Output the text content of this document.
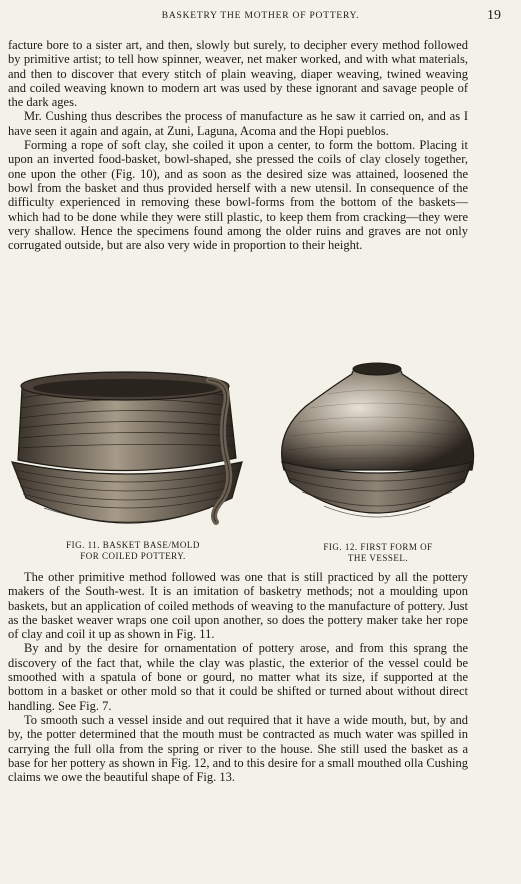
BASKETRY THE MOTHER OF POTTERY.	19

facture bore to a sister art, and then, slowly but surely, to decipher every method followed by primitive artist; to tell how spinner, weaver, net maker worked, and with what materials, and then to discover that every stitch of plain weaving, diaper weaving, twined weaving and coiled weaving known to modern art was used by these ignorant and savage people of the dark ages.

Mr. Cushing thus describes the process of manufacture as he saw it carried on, and as I have seen it again and again, at Zuni, Laguna, Acoma and the Hopi pueblos.

Forming a rope of soft clay, she coiled it upon a center, to form the bottom. Placing it upon an inverted food-basket, bowl-shaped, she pressed the coils of clay closely together, one upon the other (Fig. 10), and as soon as the desired size was attained, loosened the bowl from the basket and thus provided herself with a new utensil. In consequence of the difficulty experienced in removing these bowl-forms from the bottom of the baskets—which had to be done while they were still plastic, to keep them from cracking—they were very shallow. Hence the specimens found among the older ruins and graves are not only corrugated outside, but are also very wide in proportion to their height.

FIG. 11. BASKET BASE/MOLD
FOR COILED POTTERY.
FIG. 12. FIRST FORM OF
THE VESSEL.

The other primitive method followed was one that is still practiced by all the pottery makers of the South-west. It is an imitation of basketry methods; not a moulding upon baskets, but an application of coiled methods of weaving to the manufacture of pottery. Just as the basket weaver wraps one coil upon another, so does the pottery maker take her rope of clay and coil it up as shown in Fig. 11.

By and by the desire for ornamentation of pottery arose, and from this sprang the discovery of the fact that, while the clay was plastic, the exterior of the vessel could be smoothed with a spatula of bone or gourd, no matter what its size, if supported at the bottom in a basket or other mold so that it could be shifted or turned about without direct handling. See Fig. 7.

To smooth such a vessel inside and out required that it have a wide mouth, but, by and by, the potter determined that the mouth must be contracted as much water was spilled in carrying the full olla from the spring or river to the house. She still used the basket as a base for her pottery as shown in Fig. 12, and to this desire for a small mouthed olla Cushing claims we owe the beautiful shape of Fig. 13.
